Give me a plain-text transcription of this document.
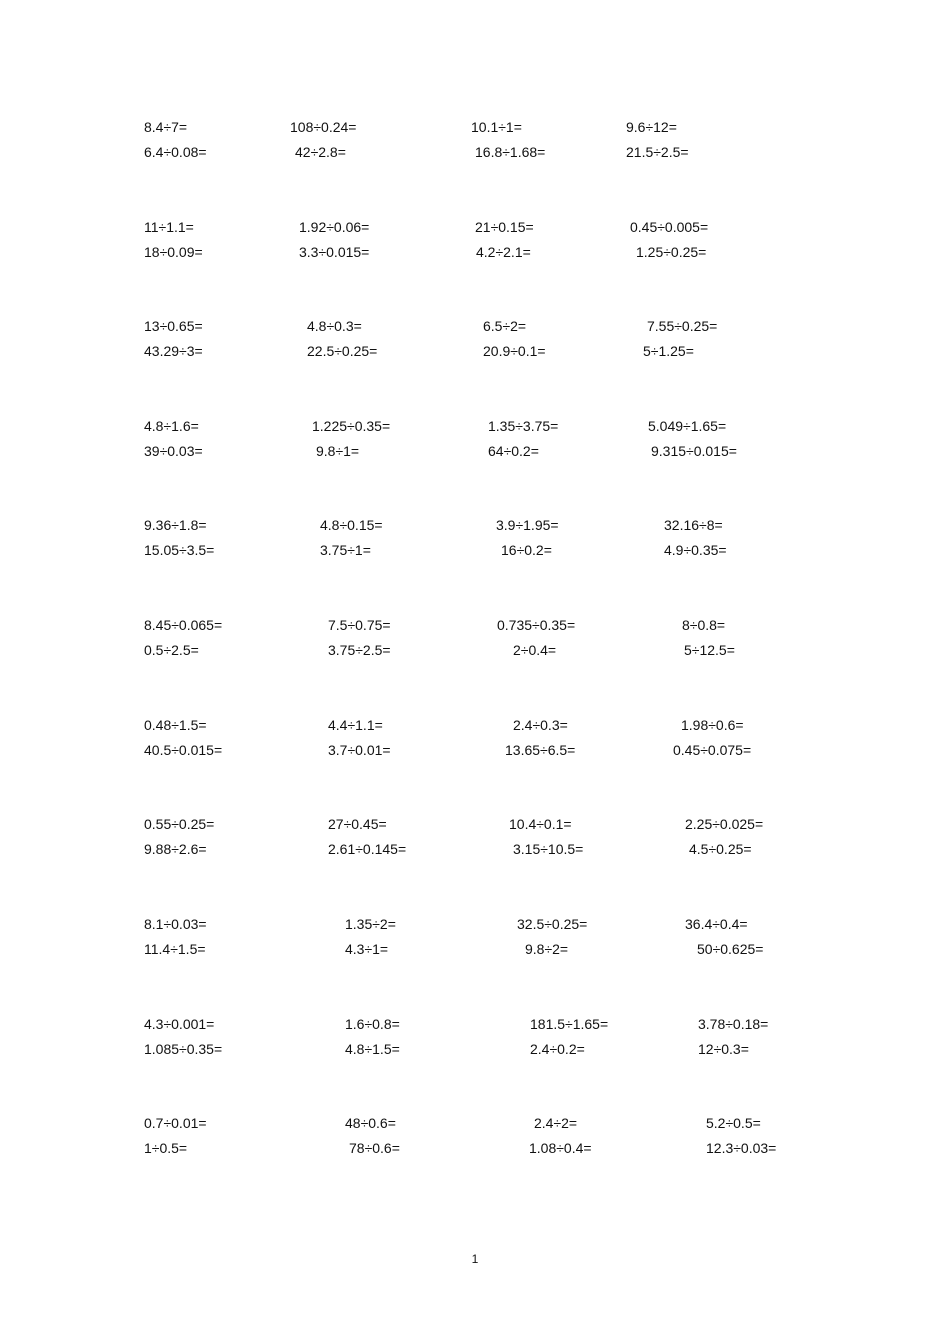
8.4÷7=	108÷0.24=	10.1÷1=	9.6÷12=
6.4÷0.08=	42÷2.8=	16.8÷1.68=	21.5÷2.5=
11÷1.1=	1.92÷0.06=	21÷0.15=	0.45÷0.005=
18÷0.09=	3.3÷0.015=	4.2÷2.1=	1.25÷0.25=
13÷0.65=	4.8÷0.3=	6.5÷2=	7.55÷0.25=
43.29÷3=	22.5÷0.25=	20.9÷0.1=	5÷1.25=
4.8÷1.6=	1.225÷0.35=	1.35÷3.75=	5.049÷1.65=
39÷0.03=	9.8÷1=	64÷0.2=	9.315÷0.015=
9.36÷1.8=	4.8÷0.15=	3.9÷1.95=	32.16÷8=
15.05÷3.5=	3.75÷1=	16÷0.2=	4.9÷0.35=
8.45÷0.065=	7.5÷0.75=	0.735÷0.35=	8÷0.8=
0.5÷2.5=	3.75÷2.5=	2÷0.4=	5÷12.5=
0.48÷1.5=	4.4÷1.1=	2.4÷0.3=	1.98÷0.6=
40.5÷0.015=	3.7÷0.01=	13.65÷6.5=	0.45÷0.075=
0.55÷0.25=	27÷0.45=	10.4÷0.1=	2.25÷0.025=
9.88÷2.6=	2.61÷0.145=	3.15÷10.5=	4.5÷0.25=
8.1÷0.03=	1.35÷2=	32.5÷0.25=	36.4÷0.4=
11.4÷1.5=	4.3÷1=	9.8÷2=	50÷0.625=
4.3÷0.001=	1.6÷0.8=	181.5÷1.65=	3.78÷0.18=
1.085÷0.35=	4.8÷1.5=	2.4÷0.2=	12÷0.3=
0.7÷0.01=	48÷0.6=	2.4÷2=	5.2÷0.5=
1÷0.5=	78÷0.6=	1.08÷0.4=	12.3÷0.03=
1
